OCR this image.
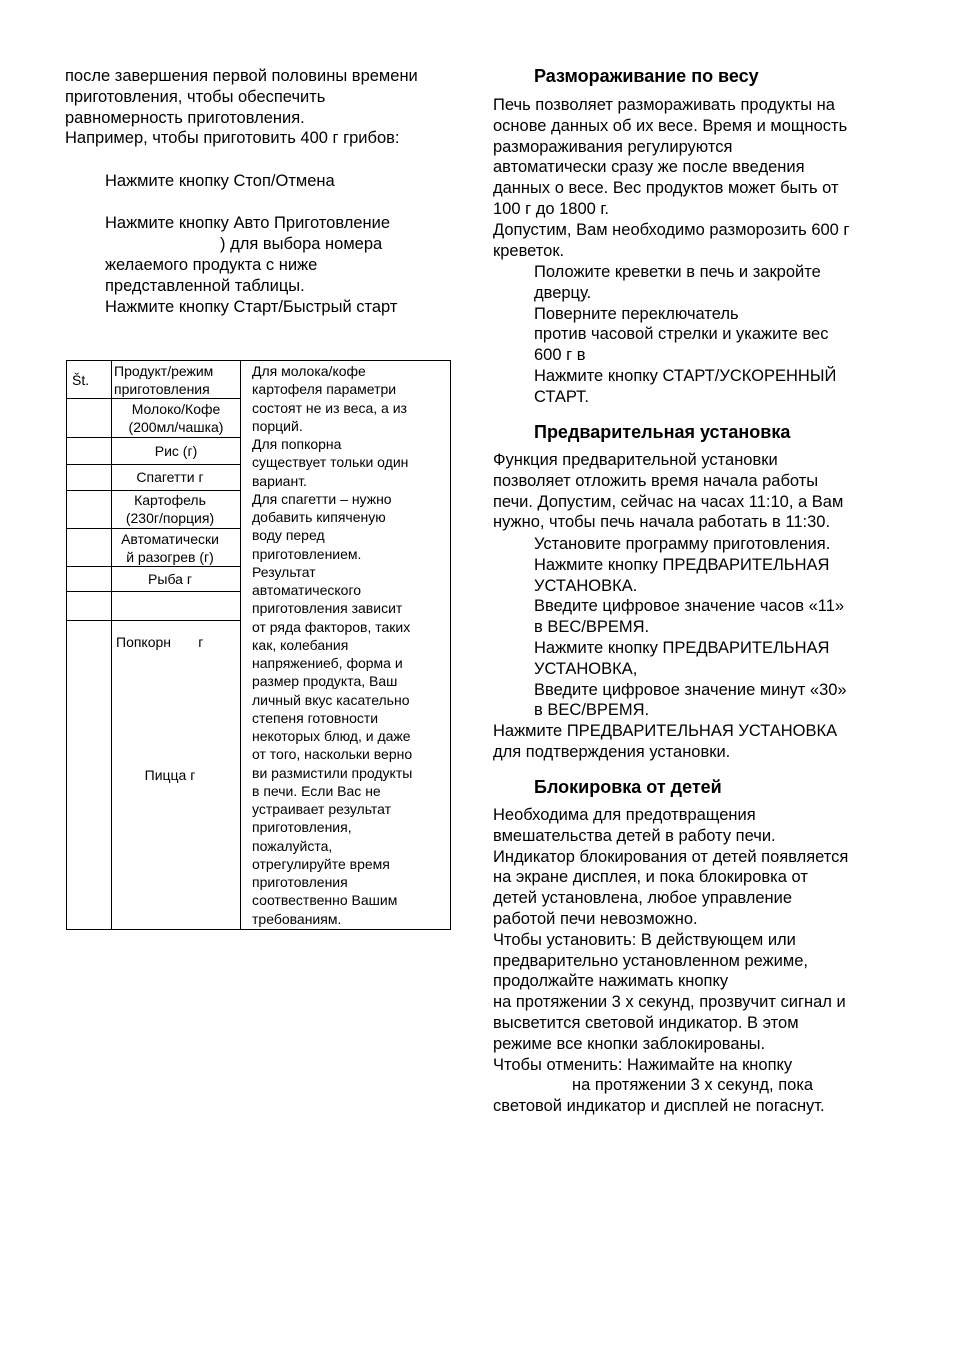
после завершения первой половины времени
приготовления, чтобы обеспечить
равномерность приготовления.
Например, чтобы приготовить 400 г грибов:
Нажмите кнопку Стоп/Отмена
Нажмите кнопку Авто Приготовление
) для выбора номера
желаемого продукта с ниже
представленной таблицы.
Нажмите кнопку Старт/Быстрый старт
Št.
Продукт/режим
приготовления
Молоко/Кофе
(200мл/чашка)
Рис (г)
Спагетти г
Картофель
(230г/порция)
Автоматически
й разогрев (г)
Рыба г

Попкорн       г

Пицца г
Для молока/кофе
картофеля параметри
состоят не из веса, а из
порций.
Для попкорна
существует тольки один
вариант.
Для спагетти – нужно
добавить кипяченую
воду перед
приготовлением.
Результат
автоматического
приготовления зависит
от ряда факторов, таких
как, колебания
напряжениеб, форма и
размер продукта, Ваш
личный вкус касательно
степеня готовности
некоторых блюд, и даже
от того, наскольки верно
ви размистили продукты
в печи. Если Вас не
устраивает результат
приготовления,
пожалуйста,
отрегулируйте время
приготовления
соотвественно Вашим
требованиям.
Размораживание по весу
Печь позволяет размораживать продукты на
основе данных об их весе. Время и мощность
размораживания регулируются
автоматически сразу же после введения
данных о весе. Вес продуктов может быть от
100 г до 1800 г.
Допустим, Вам необходимо разморозить 600 г
креветок.
Положите креветки в печь и закройте
дверцу.
Поверните переключатель
против часовой стрелки и укажите вес
600 г в
Нажмите кнопку СТАРТ/УСКОРЕННЫЙ
СТАРТ.
Предварительная установка
Функция предварительной установки
позволяет отложить время начала работы
печи. Допустим, сейчас на часах 11:10, а Вам
нужно, чтобы печь начала работать в 11:30.
Установите программу приготовления.
Нажмите кнопку ПРЕДВАРИТЕЛЬНАЯ
УСТАНОВКА.
Введите цифровое значение часов «11»
в ВЕС/ВРЕМЯ.
Нажмите кнопку ПРЕДВАРИТЕЛЬНАЯ
УСТАНОВКА,
Введите цифровое значение минут «30»
в ВЕС/ВРЕМЯ.
Нажмите ПРЕДВАРИТЕЛЬНАЯ УСТАНОВКА
для подтверждения установки.
Блокировка от детей
Необходима для предотвращения
вмешательства детей в работу печи.
Индикатор блокирования от детей появляется
на экране дисплея, и пока блокировка от
детей установлена, любое управление
работой печи невозможно.
Чтобы установить: В действующем или
предварительно установленном режиме,
продолжайте нажимать кнопку
на протяжении 3 х секунд, прозвучит сигнал и
высветится световой индикатор. В этом
режиме все кнопки заблокированы.
Чтобы отменить: Нажимайте на кнопку
на протяжении 3 х секунд, пока
световой индикатор и дисплей не погаснут.
